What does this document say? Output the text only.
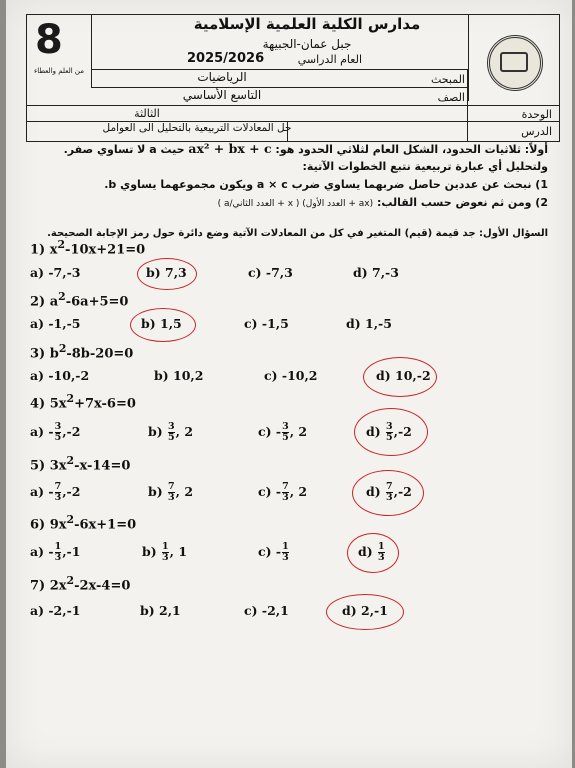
8
من العلم والعطاء
مدارس الكلية العلمية الإسلامية
جبل عمان-الجبيهة
العام الدراسي
2025/2026
المبحث
الرياضيات
الصف
التاسع الأساسي
الوحدة
الثالثة
الدرس
حل المعادلات التربيعية بالتحليل الى العوامل
أولاً: ثلاثيات الحدود، الشكل العام لثلاثي الحدود هو: ax² + bx + c حيث a لا تساوي صفر.
ولتحليل أي عبارة تربيعية نتبع الخطوات الآتية:
1) نبحث عن عددين حاصل ضربهما يساوي ضرب a × c ويكون مجموعهما يساوي b.
2) ومن ثم نعوض حسب القالب: (ax + العدد الأول) ( x + العدد الثاني/a )
السؤال الأول: جد قيمة (قيم) المتغير في كل من المعادلات الآتية وضع دائرة حول رمز الإجابة الصحيحة.
1) $x^2-10x+21=0$
a) -7,-3	b) 7,3	c) -7,3	d) 7,-3
2) $a^2-6a+5=0$
a) -1,-5	b) 1,5	c) -1,5	d) 1,-5
3) $b^2-8b-20=0$
a) -10,-2	b) 10,2	c) -10,2	d) 10,-2
4) $5x^2+7x-6=0$
$a) - \frac{3}{5} ,-2$	$b) \frac{3}{5}$ , 2	$c) - \frac{3}{5}$ , 2	$d) \frac{3}{5} ,-2$
5) $3x^2-x-14=0$
$a) - \frac{7}{3} ,-2$	$b) \frac{7}{3}$ , 2	$c) - \frac{7}{3}$ , 2	$d) \frac{7}{3} ,-2$
6) $9x^2-6x+1=0$
$a) - \frac{1}{3} ,-1$	$b) \frac{1}{3}$ , 1	$c) - \frac{1}{3}$	$d) \frac{1}{3}$
7) $2x^2-2x-4=0$
a) -2,-1	b) 2,1	c) -2,1	d) 2,-1
